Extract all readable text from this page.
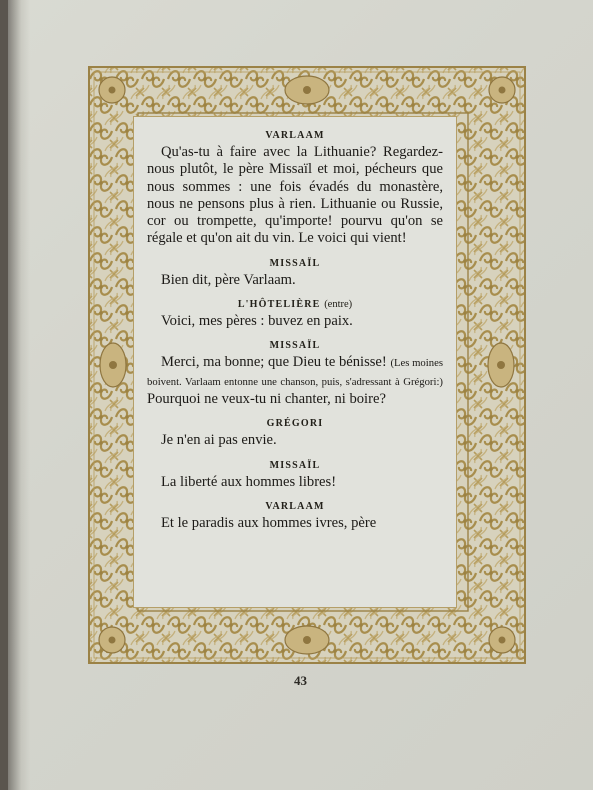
43
VARLAAM

Qu'as-tu à faire avec la Lithuanie? Regardez-nous plutôt, le père Missaïl et moi, pécheurs que nous sommes : une fois évadés du monastère, nous ne pensons plus à rien. Lithuanie ou Russie, cor ou trompette, qu'importe! pourvu qu'on se régale et qu'on ait du vin. Le voici qui vient!

MISSAÏL

Bien dit, père Varlaam.

L'HÔTELIÈRE (entre)

Voici, mes pères : buvez en paix.

MISSAÏL

Merci, ma bonne; que Dieu te bénisse! (Les moines boivent. Varlaam entonne une chanson, puis, s'adressant à Grégori:) Pourquoi ne veux-tu ni chanter, ni boire?

GRÉGORI

Je n'en ai pas envie.

MISSAÏL

La liberté aux hommes libres!

VARLAAM

Et le paradis aux hommes ivres, père
